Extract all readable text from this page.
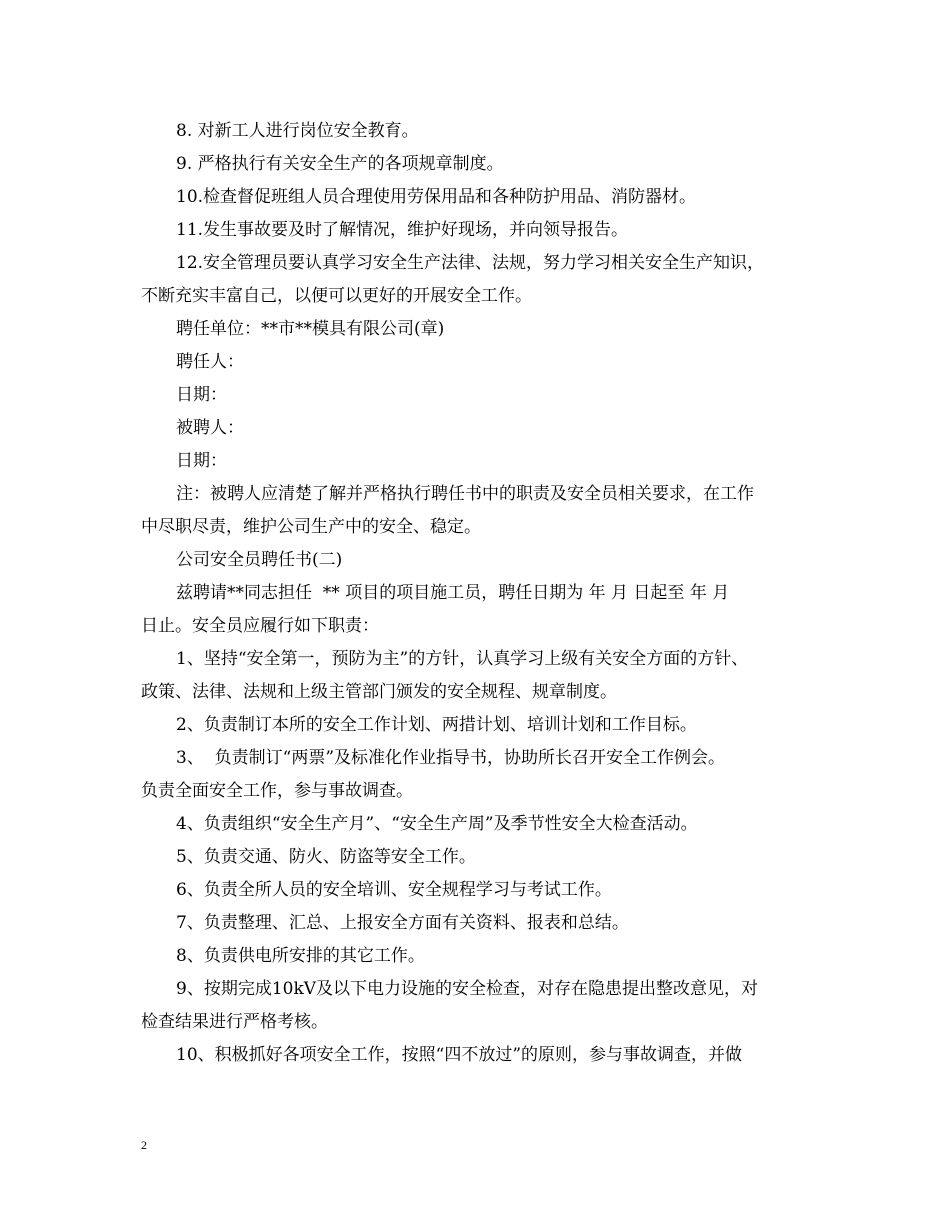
8. 对新工人进行岗位安全教育。
9. 严格执行有关安全生产的各项规章制度。
10.检查督促班组人员合理使用劳保用品和各种防护用品、消防器材。
11.发生事故要及时了解情况，维护好现场，并向领导报告。
12.安全管理员要认真学习安全生产法律、法规，努力学习相关安全生产知识，
不断充实丰富自己，以便可以更好的开展安全工作。
聘任单位：**市**模具有限公司(章)
聘任人：
日期：
被聘人：
日期：
注：被聘人应清楚了解并严格执行聘任书中的职责及安全员相关要求，在工作
中尽职尽责，维护公司生产中的安全、稳定。
公司安全员聘任书(二)
兹聘请**同志担任  ** 项目的项目施工员，聘任日期为 年 月 日起至 年 月
日止。安全员应履行如下职责：
1、坚持“安全第一，预防为主”的方针，认真学习上级有关安全方面的方针、
政策、法律、法规和上级主管部门颁发的安全规程、规章制度。
2、负责制订本所的安全工作计划、两措计划、培训计划和工作目标。
3、  负责制订“两票”及标准化作业指导书，协助所长召开安全工作例会。
负责全面安全工作，参与事故调查。
4、负责组织“安全生产月”、“安全生产周”及季节性安全大检查活动。
5、负责交通、防火、防盗等安全工作。
6、负责全所人员的安全培训、安全规程学习与考试工作。
7、负责整理、汇总、上报安全方面有关资料、报表和总结。
8、负责供电所安排的其它工作。
9、按期完成10kV及以下电力设施的安全检查，对存在隐患提出整改意见，对
检查结果进行严格考核。
10、积极抓好各项安全工作，按照“四不放过”的原则，参与事故调查，并做
2
